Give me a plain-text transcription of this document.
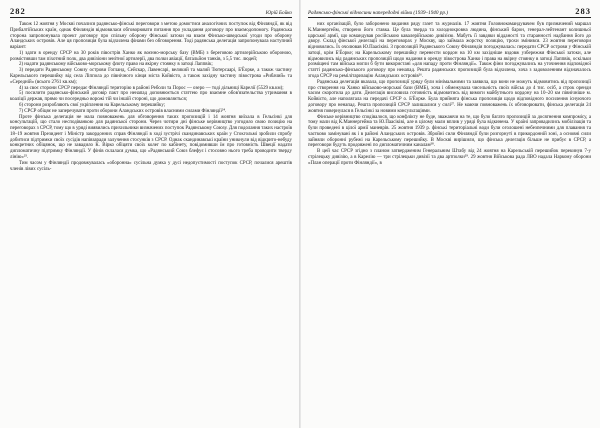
282	Юрій Бойко

Також 12 жовтня у Москві почалися радянсько-фінські переговори з метою домогтися аналогічних поступок від Фінляндії, як від Прибалтійських країн, однак Фінляндія відмовилася обговорювати питання про укладання договору про взаємодопомогу. Радянська сторона запропонувала проект договору про спільну оборону Фінської затоки на взаєм Фінсько-шведської угоди про оборону Аландських островів. Але ця пропозиція була відхилена фінами без обговорення. Тоді радянська делегація запропонувала наступний варіант:

1) здати в оренду СРСР на 30 років півострів Ханко як воєнно-морську базу (ВМБ) з береговою артилерійською обороною, розмістивши там піхотний полк, два дивізіони зенітної артилерії, два полки авіації, бата́льйон танків, з 5,5 тис. людей;

2) надати радянському військово-морському флоту право на якірну стоянку в затоці Лаппвік;

3) передати Радянському Союзу острови Гогланд, Сейскар, Лавенсарі, великий та малий Тютерсаарі, Б'Ёорке, а також частину Карельського перешийку від села Ліппола до північного кінця міста Койвісто, а також західну частину півострова «Рибачий» та «Середній» (всього 2761 кв.км);

4) за своє сторони СРСР передає Фінляндії територію в районі Реболи та Порос — озеро — тоді дільниці Карелії (5529 кв.км);

5) посилити радянсько-фінський договір пакт про ненапад доповнюється статтею про взаємне обов'язательства утримання в коаліції держав, прямо чи посередньо ворожі тій чи іншій стороні, що домовляється;

6) сторони розробляють свої укріплення на Карельському перешийку;

7) СРСР обіцяє не заперечувати проти оборони Аландських островів власними силами Фінляндії²⁴.

Проте фінська делегація не мала повноважень для обговорення таких пропозицій і 14 жовтня виїхала в Гельсінкі для консультацій, що стало несподіванкою для радянської сторони. Через чотири дні фінське керівництво узгодило свою позицію на переговорах з СРСР, тому що в уряді виявились прихильники визначених поступок Радянському Союзу. Для подолання таких настроїв 18–19 жовтня Президент і Міністр закордонних справ Фінляндії в ході зустрічі скандинавських країн у Стокгольмі зробили спробу добитися підтримки своїх сусідів напівзаради залучення стосунків з СРСР. Однак скандинавські країни уникнули від відкрито-небуду конкретних обіцянок, що не завадило К. Вірко обіцяти своїх колег по кабінету, повідомивши їм про готовність Швеції надати дипломатичну підтримку Фінляндії. У фінів склалася думка, що «Радянський Союз блефує і стосовно нього треба проводити тверду лінію»²⁵.

Тим часом у Фінляндії продовжувалась «оборонна» сусільна думка у дусі недопустимості поступок СРСР, почалися арештів членів лівих сусіль-

Радянсько-фінські відносини напередодні війни (1939–1940 рр.)	283

них організацій, було заборонено видання ряду газет та журналів. 17 жовтня Головнокомандувачем був призначений маршал К.Маннергейм, створено його ставка. Це була тверда та холоднокровна людина, фінський барон, генерал-лейтенант колишньої царської армії, що командував російською кавалерійською дивізією. Мабуть її завдяки відданості та старанності надбання його до двору. Склад фінської делегації на переговорах у Москву, що займала жорстку позицію, трохи змінився. 23 жовтня переговори відновились. Їх очолював Ю.Паасіківі. З пропозицій Радянського Союзу Фінляндія погоджувалась: передати СРСР острови у Фінській затоці, крім Б'Ёорке; на Карельському перешийку перенести кордон на 10 км західніше вздовж узбережжя Фінської затоки, але відмовились від радянських пропозицій щодо надання в оренду півострова Ханко і права на якірну стоянку в затоці Лаппвік, оскільки розміщені там війська могли б бути використані «для нападу проти Фінляндії». Також фіни погоджувались на уточнення відповідної статті радянсько-фінського договору про ненапад. Решта радянських пропозицій була відхилена, хоча з задоволенням відзначалось згода СРСР на ремілітаризацію Аландських островів²⁶.

Радянська делегація вказала, що пропозиції уряду були мінімальними та заявила, що вони не можуть відмовитись від пропозиції про створення на Ханко військово-морської бази (ВМБ), хоча і обмежувала чисельність своїх військ до 4 тис. осіб, а строк оренди часом скоротила до дати. Делегація висловила готовність відмовитись від вимоги майбутнього кордону на 10–20 км північніше м. Койвісто, але наполягала на передачі СРСР о. Б'Ёорке. Була прийнята фінська пропозиція щодо відповідного посилення існуючого договору про ненапад. Решта пропозицій СРСР залишалися у силі²⁷. Не маючи повноважень їх обговорювати, фінська делегація 24 жовтня повернулася в Гельсінкі за новими консультаціями.

Фінське керівництво сподівалося, що конфлікту не буде, зважаючи на те, що було багато пропозицій за досягнення компромісу, а тому мали від К.Маннергейма та Ю.Паасіківі, але в цілому мали вплив у уряді була відкинена. У країні запровадились мобілізація та були проведені в цілої армії маневрів. 25 жовтня 1939 р. фінські територіальні води були оголошені небезпечними для плавання та частково замінувані як і в районі Аландських островів. Збройні сили Фінляндії були розгорнуті в прикордонній зоні, а основні сили зайняли оборонні рубежі на Карельському перешийку. В Москві вирішили, що фінська делегація більше не прибує в СРСР, а переговори будуть продовжені по дипломатичним каналам²⁸.

В цей час СРСР згідно з планом затвердженим Генеральним Штабу від 24 жовтня на Карельській перешийок перекинув 7-у стрілецьку дивізію, а в Карелію — три стрілецьки дивізії та два артполки²⁹. 29 жовтня Військова рада ЛВО надала Наркому оборони «План операції проти Фінляндії», в
